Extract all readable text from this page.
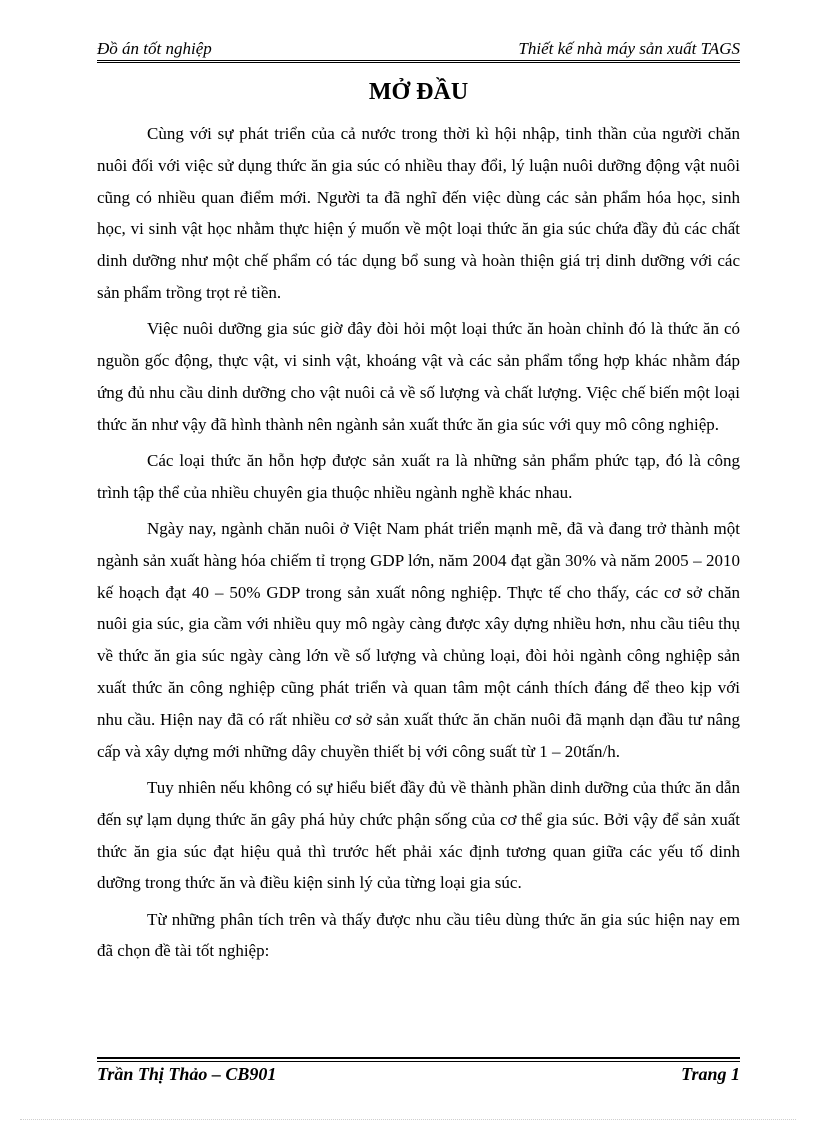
Đồ án tốt nghiệp	Thiết kế nhà máy sản xuất TAGS
MỞ ĐẦU

Cùng với sự phát triển của cả nước trong thời kì hội nhập, tinh thần của người chăn nuôi đối với việc sử dụng thức ăn gia súc có nhiều thay đổi, lý luận nuôi dưỡng động vật nuôi cũng có nhiều quan điểm mới. Người ta đã nghĩ đến việc dùng các sản phẩm hóa học, sinh học, vi sinh vật học nhằm thực hiện ý muốn về một loại thức ăn gia súc chứa đầy đủ các chất dinh dưỡng như một chế phẩm có tác dụng bổ sung và hoàn thiện giá trị dinh dưỡng với các sản phẩm trồng trọt rẻ tiền.

Việc nuôi dưỡng gia súc giờ đây đòi hỏi một loại thức ăn hoàn chỉnh đó là thức ăn có nguồn gốc động, thực vật, vi sinh vật, khoáng vật và các sản phẩm tổng hợp khác nhằm đáp ứng đủ nhu cầu dinh dưỡng cho vật nuôi cả về số lượng và chất lượng. Việc chế biến một loại thức ăn như vậy đã hình thành nên ngành sản xuất thức ăn gia súc với quy mô công nghiệp.

Các loại thức ăn hỗn hợp được sản xuất ra là những sản phẩm phức tạp, đó là công trình tập thể của nhiều chuyên gia thuộc nhiều ngành nghề khác nhau.

Ngày nay, ngành chăn nuôi ở Việt Nam phát triển mạnh mẽ, đã và đang trở thành một ngành sản xuất hàng hóa chiếm tỉ trọng GDP lớn, năm 2004 đạt gần 30% và năm 2005 – 2010 kế hoạch đạt 40 – 50% GDP trong sản xuất nông nghiệp. Thực tế cho thấy, các cơ sở chăn nuôi gia súc, gia cầm với nhiều quy mô ngày càng được xây dựng nhiều hơn, nhu cầu tiêu thụ về thức ăn gia súc ngày càng lớn về số lượng và chủng loại, đòi hỏi ngành công nghiệp sản xuất thức ăn công nghiệp cũng phát triển và quan tâm một cánh thích đáng để theo kịp với nhu cầu. Hiện nay đã có rất nhiều cơ sở sản xuất thức ăn chăn nuôi đã mạnh dạn đầu tư nâng cấp và xây dựng mới những dây chuyền thiết bị với công suất từ 1 – 20tấn/h.

Tuy nhiên nếu không có sự hiểu biết đầy đủ về thành phần dinh dưỡng của thức ăn dẫn đến sự lạm dụng thức ăn gây phá hủy chức phận sống của cơ thể gia súc. Bởi vậy để sản xuất thức ăn gia súc đạt hiệu quả thì trước hết phải xác định tương quan giữa các yếu tố dinh dưỡng trong thức ăn và điều kiện sinh lý của từng loại gia súc.

Từ những phân tích trên và thấy được nhu cầu tiêu dùng thức ăn gia súc hiện nay em đã chọn đề tài tốt nghiệp:

Trần Thị Thảo – CB901	Trang 1
